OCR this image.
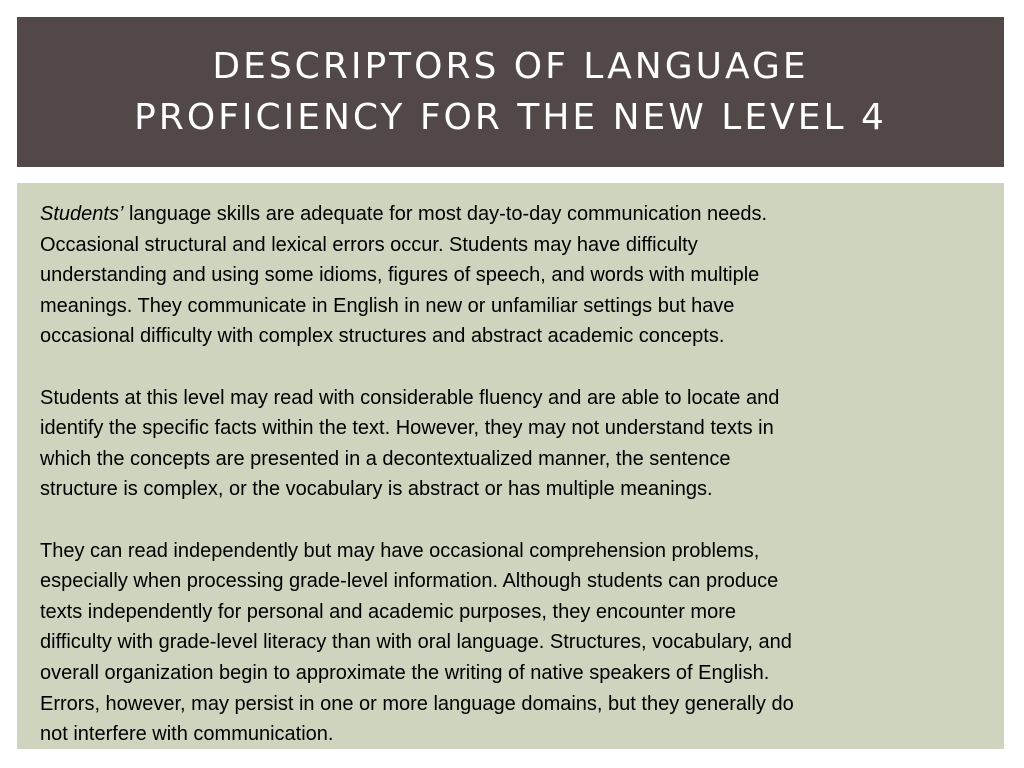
DESCRIPTORS OF LANGUAGE
PROFICIENCY FOR THE NEW LEVEL 4

Students’ language skills are adequate for most day-to-day communication needs.
Occasional structural and lexical errors occur. Students may have difficulty
understanding and using some idioms, figures of speech, and words with multiple
meanings. They communicate in English in new or unfamiliar settings but have
occasional difficulty with complex structures and abstract academic concepts.

Students at this level may read with considerable fluency and are able to locate and
identify the specific facts within the text. However, they may not understand texts in
which the concepts are presented in a decontextualized manner, the sentence
structure is complex, or the vocabulary is abstract or has multiple meanings.

They can read independently but may have occasional comprehension problems,
especially when processing grade-level information. Although students can produce
texts independently for personal and academic purposes, they encounter more
difficulty with grade-level literacy than with oral language. Structures, vocabulary, and
overall organization begin to approximate the writing of native speakers of English.
Errors, however, may persist in one or more language domains, but they generally do
not interfere with communication.
